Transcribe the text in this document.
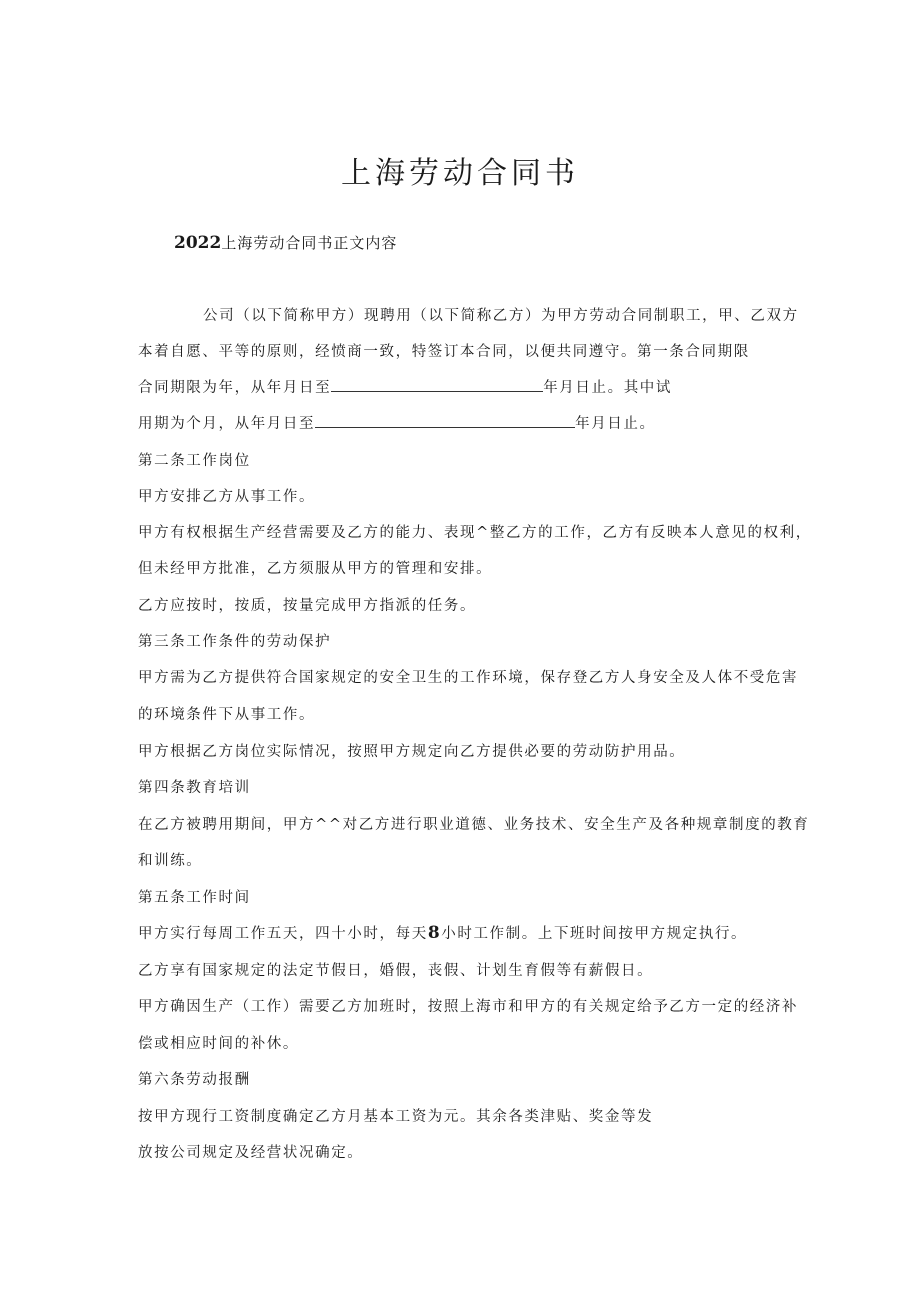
上海劳动合同书
2022上海劳动合同书正文内容
公司（以下简称甲方）现聘用（以下简称乙方）为甲方劳动合同制职工，甲、乙双方
本着自愿、平等的原则，经愤商一致，特签订本合同，以便共同遵守。第一条合同期限
合同期限为年，从年月日至	年月日止。其中试
用期为个月，从年月日至	年月日止。
第二条工作岗位
甲方安排乙方从事工作。
甲方有权根据生产经营需要及乙方的能力、表现^整乙方的工作，乙方有反映本人意见的权利，
但未经甲方批准，乙方须服从甲方的管理和安排。
乙方应按时，按质，按量完成甲方指派的任务。
第三条工作条件的劳动保护
甲方需为乙方提供符合国家规定的安全卫生的工作环境，保存登乙方人身安全及人体不受危害
的环境条件下从事工作。
甲方根据乙方岗位实际情况，按照甲方规定向乙方提供必要的劳动防护用品。
第四条教育培训
在乙方被聘用期间，甲方^^对乙方进行职业道德、业务技术、安全生产及各种规章制度的教育
和训练。
第五条工作时间
甲方实行每周工作五天，四十小时，每天8小时工作制。上下班时间按甲方规定执行。
乙方享有国家规定的法定节假日，婚假，丧假、计划生育假等有薪假日。
甲方确因生产（工作）需要乙方加班时，按照上海市和甲方的有关规定给予乙方一定的经济补
偿或相应时间的补休。
第六条劳动报酬
按甲方现行工资制度确定乙方月基本工资为元。其余各类津贴、奖金等发
放按公司规定及经营状况确定。
